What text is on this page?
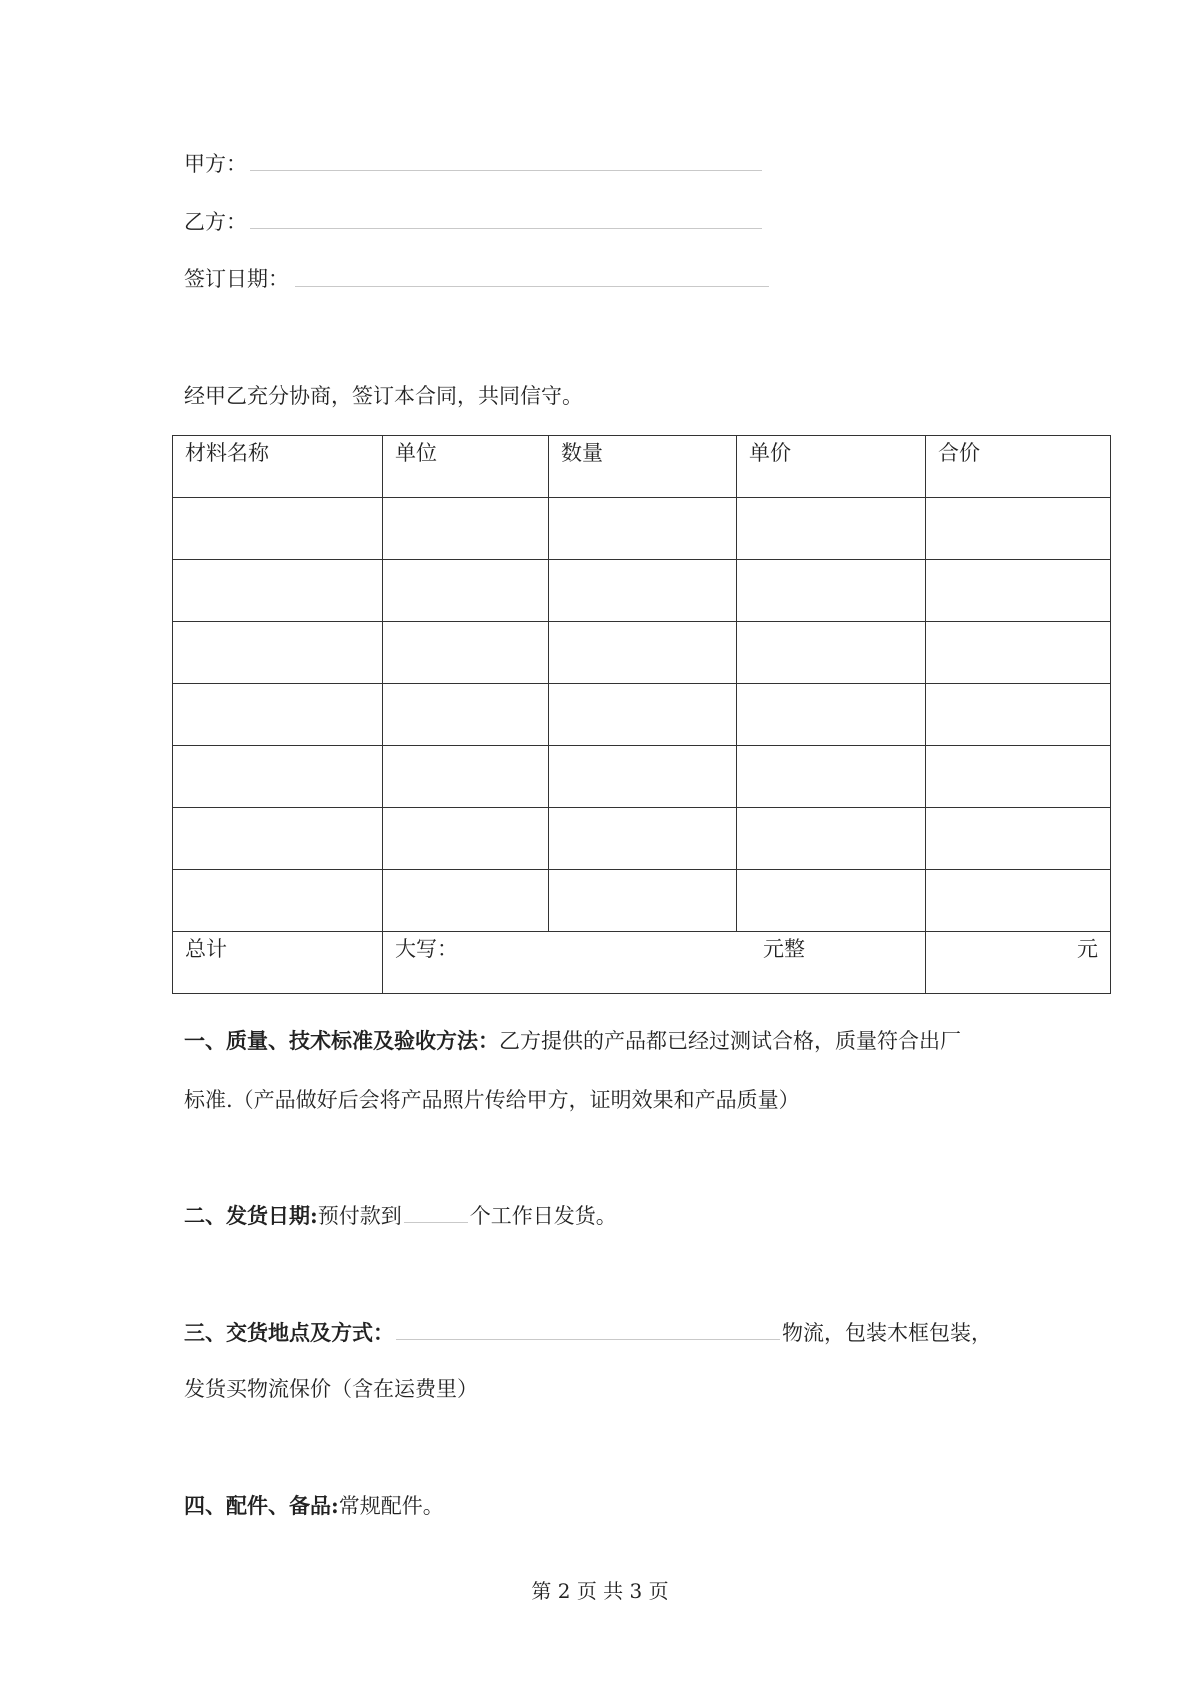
甲方：
乙方：
签订日期：
经甲乙充分协商，签订本合同，共同信守。
材料名称	单位	数量	单价	合价

总计	大写： 元整			元
一、质量、技术标准及验收方法：乙方提供的产品都已经过测试合格，质量符合出厂
标准.（产品做好后会将产品照片传给甲方，证明效果和产品质量）
二、发货日期:预付款到	个工作日发货。
三、交货地点及方式：	物流，包装木框包装，
发货买物流保价（含在运费里）
四、配件、备品:常规配件。
第 2 页 共 3 页
